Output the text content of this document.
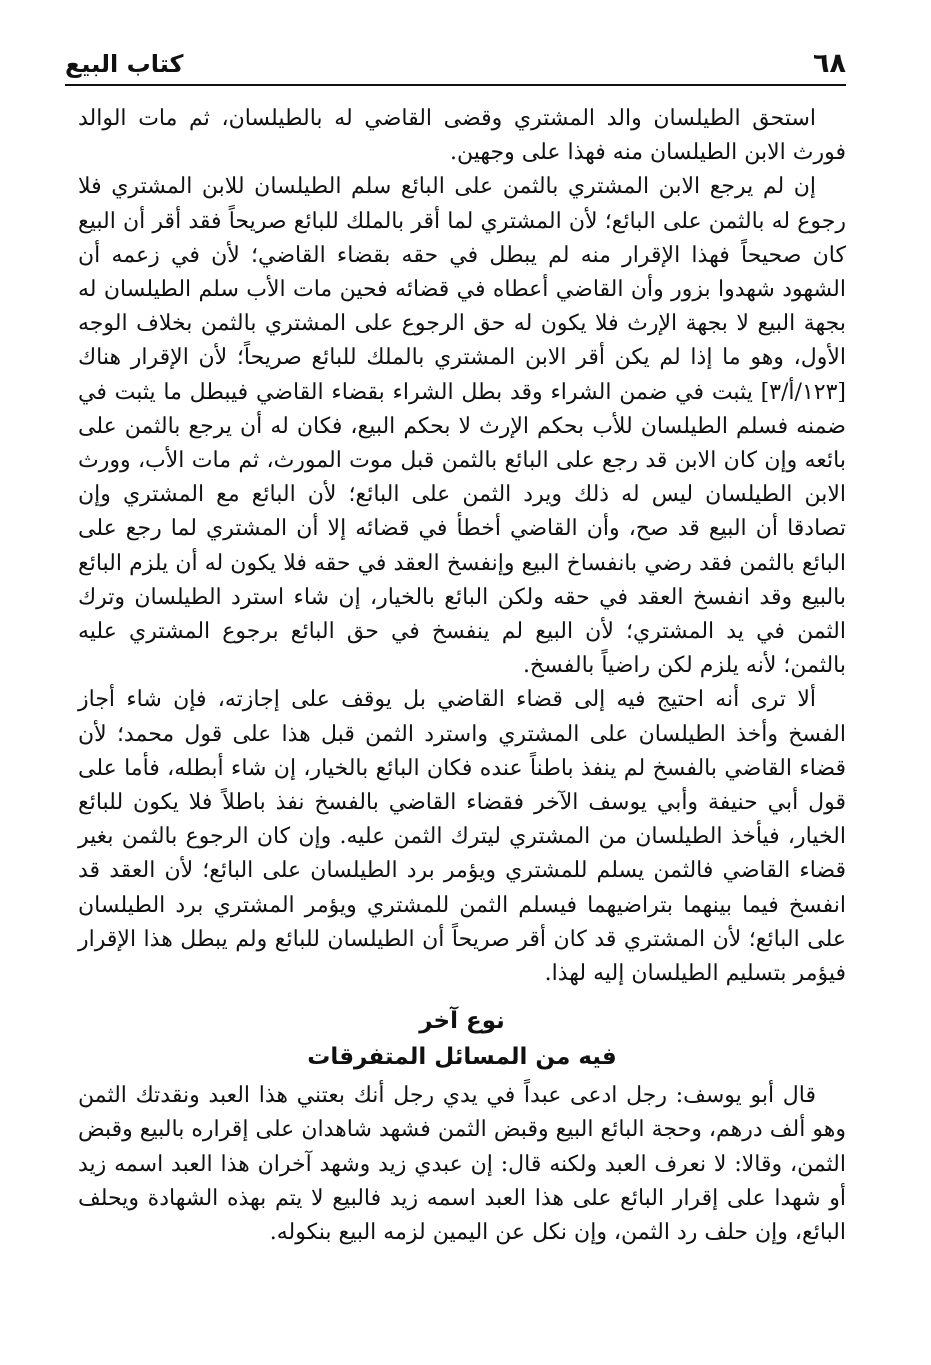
٦٨
كتاب البيع

استحق الطيلسان والد المشتري وقضى القاضي له بالطيلسان، ثم مات الوالد فورث الابن الطيلسان منه فهذا على وجهين.

إن لم يرجع الابن المشتري بالثمن على البائع سلم الطيلسان للابن المشتري فلا رجوع له بالثمن على البائع؛ لأن المشتري لما أقر بالملك للبائع صريحاً فقد أقر أن البيع كان صحيحاً فهذا الإقرار منه لم يبطل في حقه بقضاء القاضي؛ لأن في زعمه أن الشهود شهدوا بزور وأن القاضي أعطاه في قضائه فحين مات الأب سلم الطيلسان له بجهة البيع لا بجهة الإرث فلا يكون له حق الرجوع على المشتري بالثمن بخلاف الوجه الأول، وهو ما إذا لم يكن أقر الابن المشتري بالملك للبائع صريحاً؛ لأن الإقرار هناك [١٢٣/أ/٣] يثبت في ضمن الشراء وقد بطل الشراء بقضاء القاضي فيبطل ما يثبت في ضمنه فسلم الطيلسان للأب بحكم الإرث لا بحكم البيع، فكان له أن يرجع بالثمن على بائعه وإن كان الابن قد رجع على البائع بالثمن قبل موت المورث، ثم مات الأب، وورث الابن الطيلسان ليس له ذلك ويرد الثمن على البائع؛ لأن البائع مع المشتري وإن تصادقا أن البيع قد صح، وأن القاضي أخطأ في قضائه إلا أن المشتري لما رجع على البائع بالثمن فقد رضي بانفساخ البيع وإنفسخ العقد في حقه فلا يكون له أن يلزم البائع بالبيع وقد انفسخ العقد في حقه ولكن البائع بالخيار، إن شاء استرد الطيلسان وترك الثمن في يد المشتري؛ لأن البيع لم ينفسخ في حق البائع برجوع المشتري عليه بالثمن؛ لأنه يلزم لكن راضياً بالفسخ.

ألا ترى أنه احتيج فيه إلى قضاء القاضي بل يوقف على إجازته، فإن شاء أجاز الفسخ وأخذ الطيلسان على المشتري واسترد الثمن قبل هذا على قول محمد؛ لأن قضاء القاضي بالفسخ لم ينفذ باطناً عنده فكان البائع بالخيار، إن شاء أبطله، فأما على قول أبي حنيفة وأبي يوسف الآخر فقضاء القاضي بالفسخ نفذ باطلاً فلا يكون للبائع الخيار، فيأخذ الطيلسان من المشتري ليترك الثمن عليه. وإن كان الرجوع بالثمن بغير قضاء القاضي فالثمن يسلم للمشتري ويؤمر برد الطيلسان على البائع؛ لأن العقد قد انفسخ فيما بينهما بتراضيهما فيسلم الثمن للمشتري ويؤمر المشتري برد الطيلسان على البائع؛ لأن المشتري قد كان أقر صريحاً أن الطيلسان للبائع ولم يبطل هذا الإقرار فيؤمر بتسليم الطيلسان إليه لهذا.

نوع آخر
فيه من المسائل المتفرقات

قال أبو يوسف: رجل ادعى عبداً في يدي رجل أنك بعتني هذا العبد ونقدتك الثمن وهو ألف درهم، وحجة البائع البيع وقبض الثمن فشهد شاهدان على إقراره بالبيع وقبض الثمن، وقالا: لا نعرف العبد ولكنه قال: إن عبدي زيد وشهد آخران هذا العبد اسمه زيد أو شهدا على إقرار البائع على هذا العبد اسمه زيد فالبيع لا يتم بهذه الشهادة ويحلف البائع، وإن حلف رد الثمن، وإن نكل عن اليمين لزمه البيع بنكوله.
